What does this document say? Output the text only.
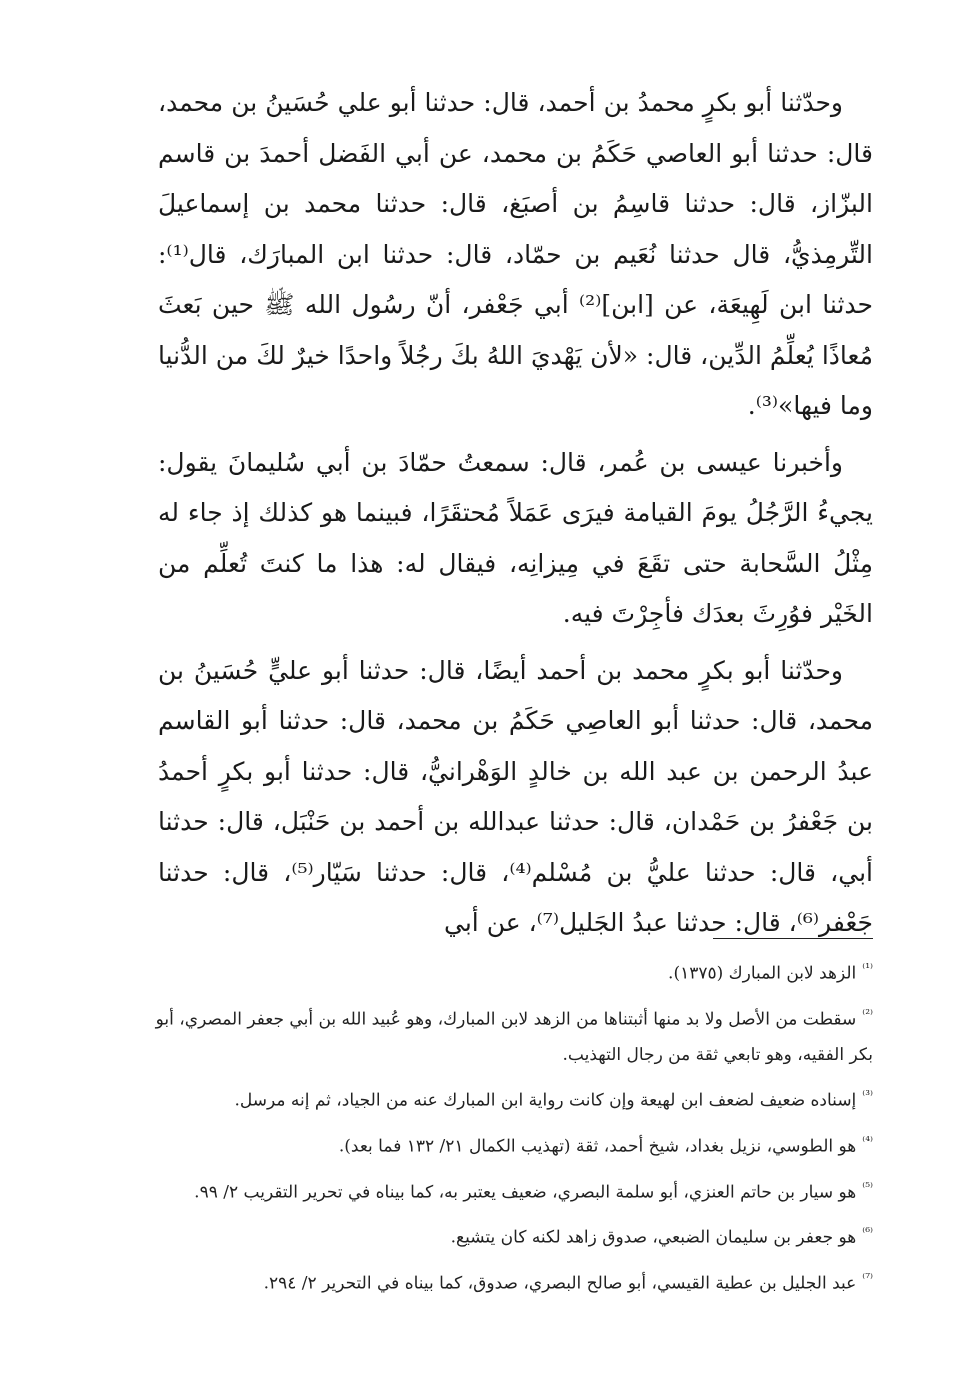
وحدّثنا أبو بكرٍ محمدُ بن أحمد، قال: حدثنا أبو علي حُسَينُ بن محمد، قال: حدثنا أبو العاصي حَكَمُ بن محمد، عن أبي الفَضل أحمدَ بن قاسم البزّاز، قال: حدثنا قاسِمُ بن أصبَغ، قال: حدثنا محمد بن إسماعيلَ التِّرمِذيُّ، قال حدثنا نُعَيم بن حمّاد، قال: حدثنا ابن المبارَك، قال⁽¹⁾: حدثنا ابن لَهِيعَة، عن [ابن]⁽²⁾ أبي جَعْفر، أنّ رسُول الله ﷺ حين بَعثَ مُعاذًا يُعلِّمُ الدِّين، قال: «لأن يَهْديَ اللهُ بكَ رجُلاً واحدًا خيرٌ لكَ من الدُّنيا وما فيها»⁽³⁾.

وأخبرنا عيسى بن عُمر، قال: سمعتُ حمّادَ بن أبي سُليمانَ يقول: يجيءُ الرَّجُلُ يومَ القيامة فيرَى عَمَلاً مُحتقَرًا، فبينما هو كذلك إذ جاء له مِثْلُ السَّحابة حتى تقَعَ في مِيزانِه، فيقال له: هذا ما كنتَ تُعلِّم من الخَيْر فوُرِثَ بعدَك فأجِرْتَ فيه.

وحدّثنا أبو بكرٍ محمد بن أحمد أيضًا، قال: حدثنا أبو عليٍّ حُسَينُ بن محمد، قال: حدثنا أبو العاصِي حَكَمُ بن محمد، قال: حدثنا أبو القاسم عبدُ الرحمن بن عبد الله بن خالدٍ الوَهْرانيُّ، قال: حدثنا أبو بكرٍ أحمدُ بن جَعْفرُ بن حَمْدان، قال: حدثنا عبدالله بن أحمد بن حَنْبَل، قال: حدثنا أبي، قال: حدثنا عليُّ بن مُسْلم⁽⁴⁾، قال: حدثنا سَيّار⁽⁵⁾، قال: حدثنا جَعْفر⁽⁶⁾، قال: حدثنا عبدُ الجَليل⁽⁷⁾، عن أبي

$^{^{(1)}}$الزهد لابن المبارك (١٣٧٥).
$^{^{(2)}}$سقطت من الأصل ولا بد منها أثبتناها من الزهد لابن المبارك، وهو عُبيد الله بن أبي جعفر المصري، أبو بكر الفقيه، وهو تابعي ثقة من رجال التهذيب.
$^{^{(3)}}$إسناده ضعيف لضعف ابن لهيعة وإن كانت رواية ابن المبارك عنه من الجياد، ثم إنه مرسل.
$^{^{(4)}}$هو الطوسي، نزيل بغداد، شيخ أحمد، ثقة (تهذيب الكمال ٢١/ ١٣٢ فما بعد).
$^{^{(5)}}$هو سيار بن حاتم العنزي، أبو سلمة البصري، ضعيف يعتبر به، كما بيناه في تحرير التقريب ٢/ ٩٩.
$^{^{(6)}}$هو جعفر بن سليمان الضبعي، صدوق زاهد لكنه كان يتشيع.
$^{^{(7)}}$عبد الجليل بن عطية القيسي، أبو صالح البصري، صدوق، كما بيناه في التحرير ٢/ ٢٩٤.
